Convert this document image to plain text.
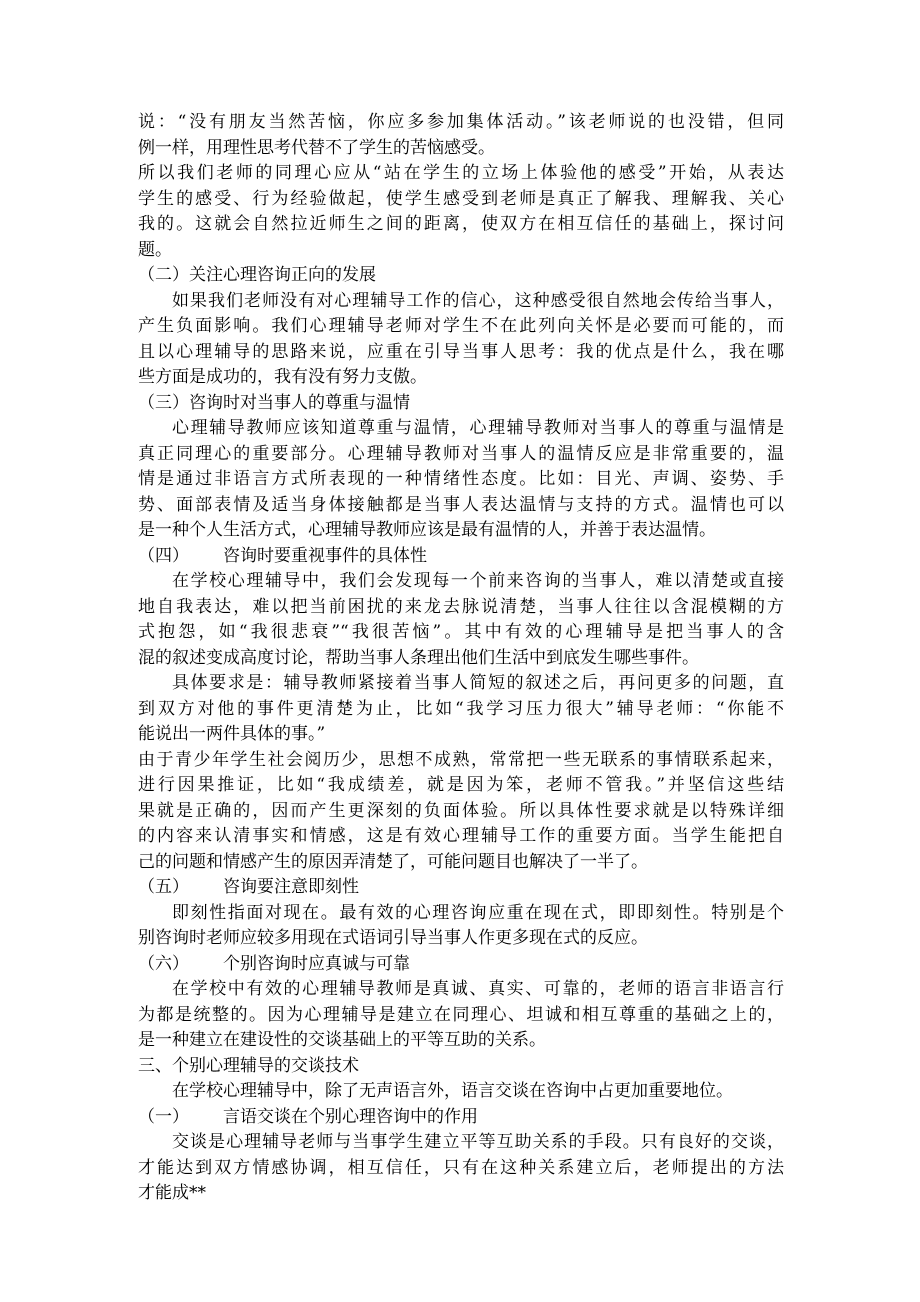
说：“没有朋友当然苦恼，你应多参加集体活动。”该老师说的也没错，但同
例一样，用理性思考代替不了学生的苦恼感受。
所以我们老师的同理心应从“站在学生的立场上体验他的感受”开始，从表达
学生的感受、行为经验做起，使学生感受到老师是真正了解我、理解我、关心
我的。这就会自然拉近师生之间的距离，使双方在相互信任的基础上，探讨问
题。
（二）关注心理咨询正向的发展
如果我们老师没有对心理辅导工作的信心，这种感受很自然地会传给当事人，
产生负面影响。我们心理辅导老师对学生不在此列向关怀是必要而可能的，而
且以心理辅导的思路来说，应重在引导当事人思考：我的优点是什么，我在哪
些方面是成功的，我有没有努力支傲。
（三）咨询时对当事人的尊重与温情
心理辅导教师应该知道尊重与温情，心理辅导教师对当事人的尊重与温情是
真正同理心的重要部分。心理辅导教师对当事人的温情反应是非常重要的，温
情是通过非语言方式所表现的一种情绪性态度。比如：目光、声调、姿势、手
势、面部表情及适当身体接触都是当事人表达温情与支持的方式。温情也可以
是一种个人生活方式，心理辅导教师应该是最有温情的人，并善于表达温情。
（四） 咨询时要重视事件的具体性
在学校心理辅导中，我们会发现每一个前来咨询的当事人，难以清楚或直接
地自我表达，难以把当前困扰的来龙去脉说清楚，当事人往往以含混模糊的方
式抱怨，如“我很悲衰”“我很苦恼”。其中有效的心理辅导是把当事人的含
混的叙述变成高度讨论，帮助当事人条理出他们生活中到底发生哪些事件。
具体要求是：辅导教师紧接着当事人简短的叙述之后，再问更多的问题，直
到双方对他的事件更清楚为止，比如“我学习压力很大”辅导老师：“你能不
能说出一两件具体的事。”
由于青少年学生社会阅历少，思想不成熟，常常把一些无联系的事情联系起来，
进行因果推证，比如“我成绩差，就是因为笨，老师不管我。”并坚信这些结
果就是正确的，因而产生更深刻的负面体验。所以具体性要求就是以特殊详细
的内容来认清事实和情感，这是有效心理辅导工作的重要方面。当学生能把自
己的问题和情感产生的原因弄清楚了，可能问题目也解决了一半了。
（五） 咨询要注意即刻性
即刻性指面对现在。最有效的心理咨询应重在现在式，即即刻性。特别是个
别咨询时老师应较多用现在式语词引导当事人作更多现在式的反应。
（六） 个别咨询时应真诚与可靠
在学校中有效的心理辅导教师是真诚、真实、可靠的，老师的语言非语言行
为都是统整的。因为心理辅导是建立在同理心、坦诚和相互尊重的基础之上的，
是一种建立在建设性的交谈基础上的平等互助的关系。
三、个别心理辅导的交谈技术
在学校心理辅导中，除了无声语言外，语言交谈在咨询中占更加重要地位。
（一） 言语交谈在个别心理咨询中的作用
交谈是心理辅导老师与当事学生建立平等互助关系的手段。只有良好的交谈，
才能达到双方情感协调，相互信任，只有在这种关系建立后，老师提出的方法
才能成**
